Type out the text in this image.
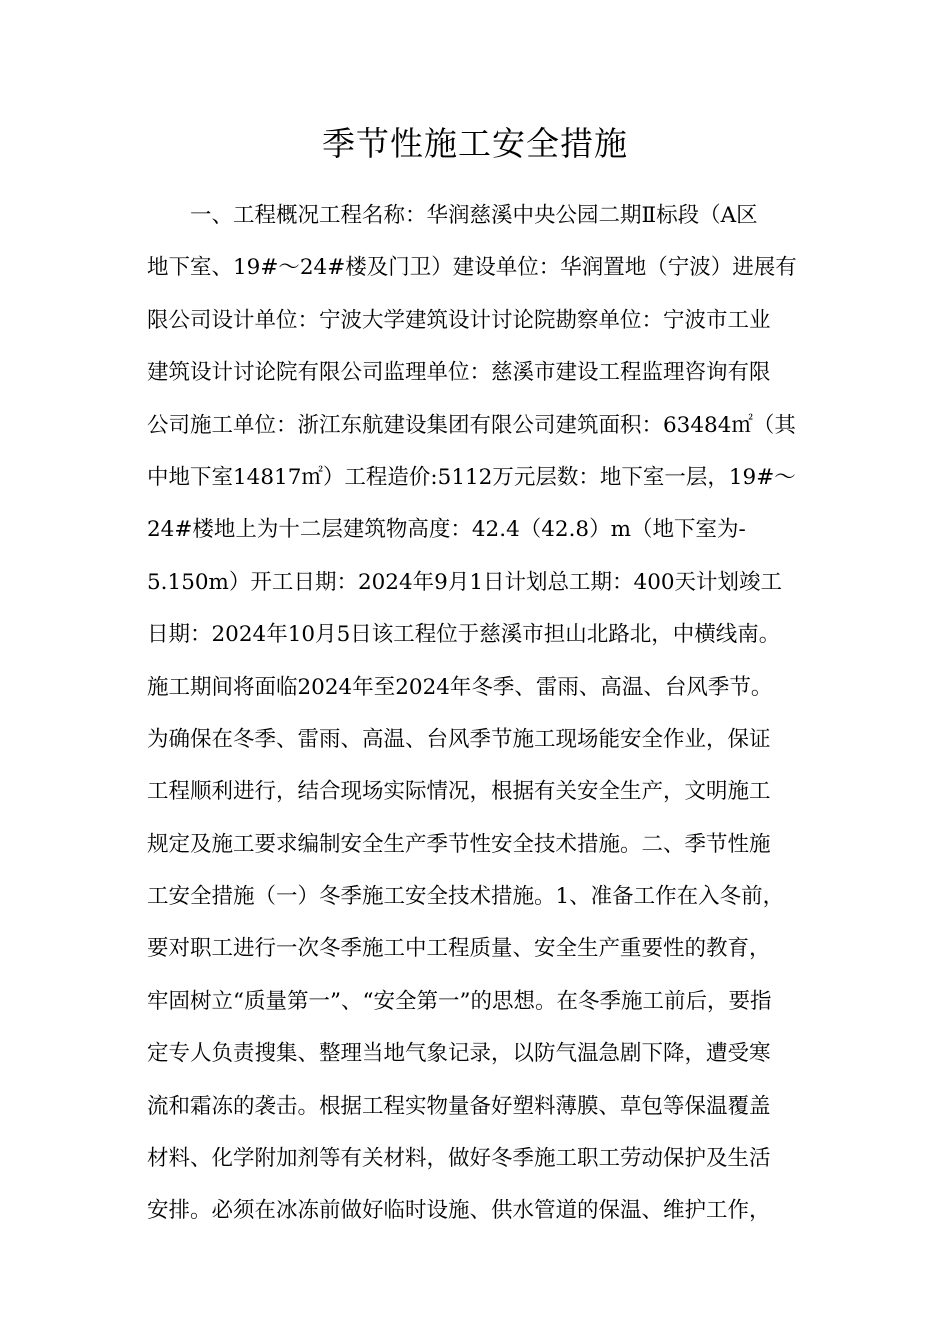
季节性施工安全措施
一、工程概况工程名称：华润慈溪中央公园二期Ⅱ标段（A区
地下室、19#～24#楼及门卫）建设单位：华润置地（宁波）进展有
限公司设计单位：宁波大学建筑设计讨论院勘察单位：宁波市工业
建筑设计讨论院有限公司监理单位：慈溪市建设工程监理咨询有限
公司施工单位：浙江东航建设集团有限公司建筑面积：63484㎡（其
中地下室14817㎡）工程造价:5112万元层数：地下室一层，19#～
24#楼地上为十二层建筑物高度：42.4（42.8）m（地下室为-
5.150m）开工日期：2024年9月1日计划总工期：400天计划竣工
日期：2024年10月5日该工程位于慈溪市担山北路北，中横线南。
施工期间将面临2024年至2024年冬季、雷雨、高温、台风季节。
为确保在冬季、雷雨、高温、台风季节施工现场能安全作业，保证
工程顺利进行，结合现场实际情况，根据有关安全生产，文明施工
规定及施工要求编制安全生产季节性安全技术措施。二、季节性施
工安全措施（一）冬季施工安全技术措施。1、准备工作在入冬前，
要对职工进行一次冬季施工中工程质量、安全生产重要性的教育，
牢固树立“质量第一”、“安全第一”的思想。在冬季施工前后，要指
定专人负责搜集、整理当地气象记录，以防气温急剧下降，遭受寒
流和霜冻的袭击。根据工程实物量备好塑料薄膜、草包等保温覆盖
材料、化学附加剂等有关材料，做好冬季施工职工劳动保护及生活
安排。必须在冰冻前做好临时设施、供水管道的保温、维护工作，
